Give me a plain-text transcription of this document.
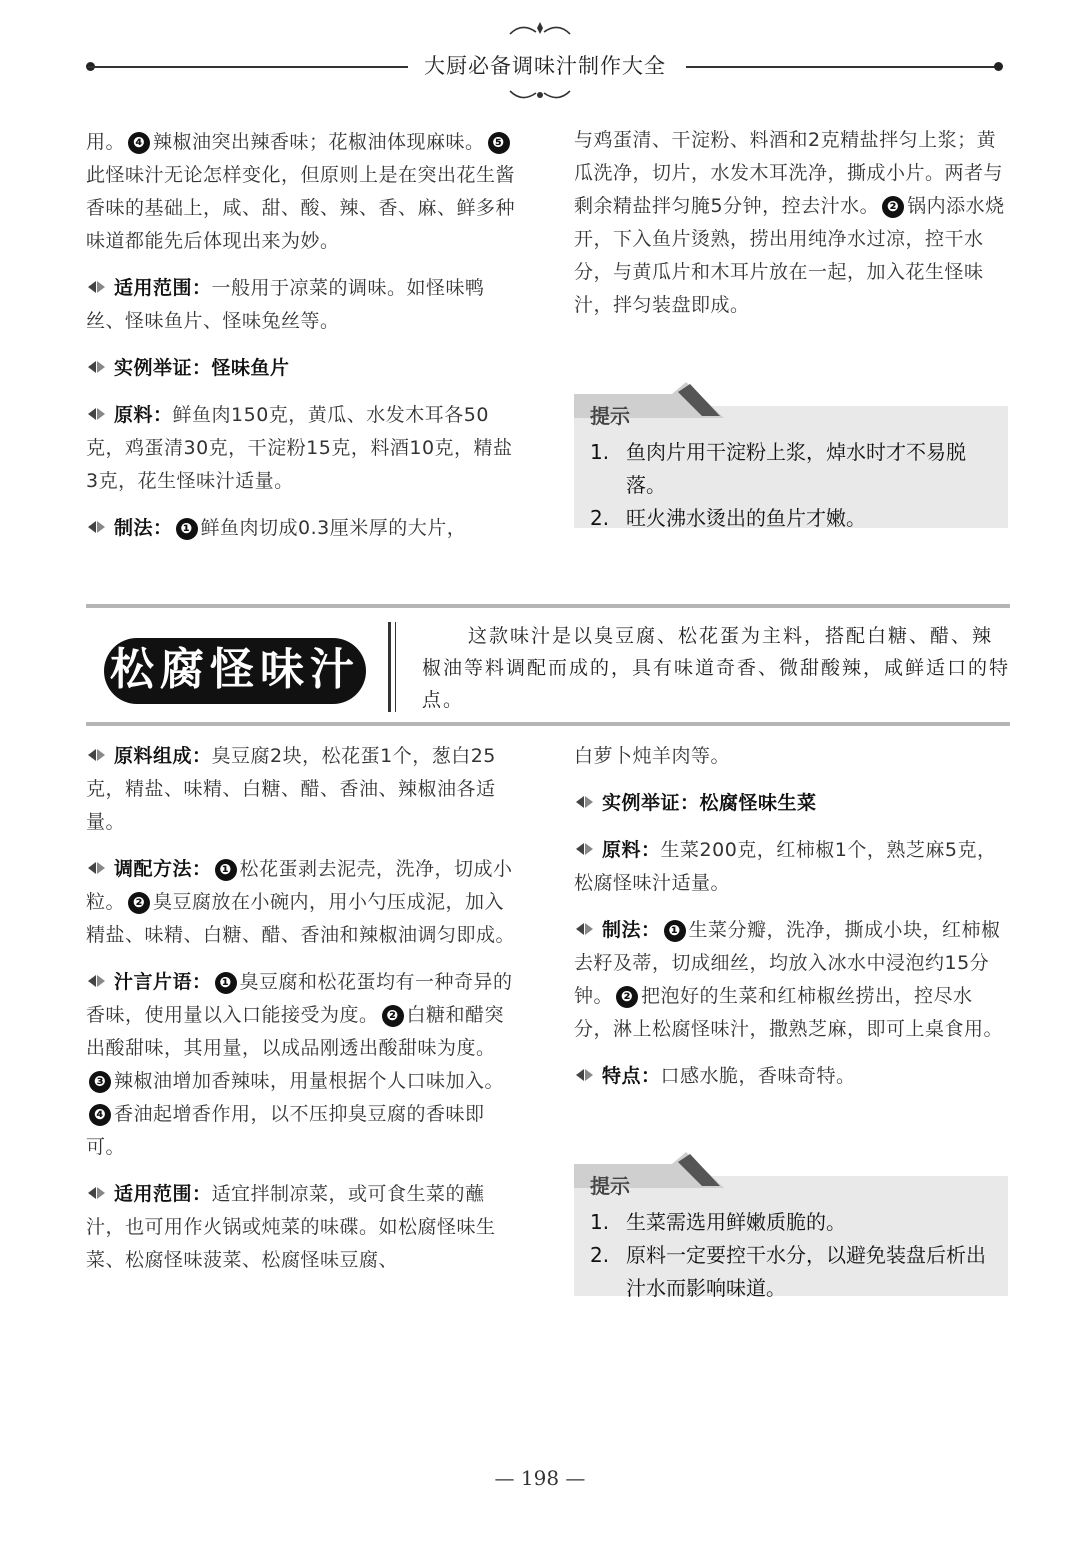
大厨必备调味汁制作大全

用。 ❹ 辣椒油突出辣香味；花椒油体现麻味。 ❺此怪味汁无论怎样变化，但原则上是在突出花生酱香味的基础上，咸、甜、酸、辣、香、麻、鲜多种味道都能先后体现出来为妙。

适用范围：一般用于凉菜的调味。如怪味鸭丝、怪味鱼片、怪味兔丝等。

实例举证：怪味鱼片

原料：鲜鱼肉150克，黄瓜、水发木耳各50克，鸡蛋清30克，干淀粉15克，料酒10克，精盐3克，花生怪味汁适量。

制法： ❶ 鲜鱼肉切成0.3厘米厚的大片，

与鸡蛋清、干淀粉、料酒和2克精盐拌匀上浆；黄瓜洗净，切片，水发木耳洗净，撕成小片。两者与剩余精盐拌匀腌5分钟，控去汁水。 ❷ 锅内添水烧开，下入鱼片烫熟，捞出用纯净水过凉，控干水分，与黄瓜片和木耳片放在一起，加入花生怪味汁，拌匀装盘即成。

提示
1. 鱼肉片用干淀粉上浆，焯水时才不易脱落。
2. 旺火沸水烫出的鱼片才嫩。
松腐怪味汁
这款味汁是以臭豆腐、松花蛋为主料，搭配白糖、醋、辣椒油等料调配而成的，具有味道奇香、微甜酸辣，咸鲜适口的特点。

原料组成：臭豆腐2块，松花蛋1个，葱白25克，精盐、味精、白糖、醋、香油、辣椒油各适量。

调配方法： ❶ 松花蛋剥去泥壳，洗净，切成小粒。 ❷ 臭豆腐放在小碗内，用小勺压成泥，加入精盐、味精、白糖、醋、香油和辣椒油调匀即成。

汁言片语： ❶ 臭豆腐和松花蛋均有一种奇异的香味，使用量以入口能接受为度。 ❷ 白糖和醋突出酸甜味，其用量，以成品刚透出酸甜味为度。❸ 辣椒油增加香辣味，用量根据个人口味加入。❹ 香油起增香作用，以不压抑臭豆腐的香味即可。

适用范围：适宜拌制凉菜，或可食生菜的蘸汁，也可用作火锅或炖菜的味碟。如松腐怪味生菜、松腐怪味菠菜、松腐怪味豆腐、

白萝卜炖羊肉等。

实例举证：松腐怪味生菜

原料：生菜200克，红柿椒1个，熟芝麻5克，松腐怪味汁适量。

制法： ❶ 生菜分瓣，洗净，撕成小块，红柿椒去籽及蒂，切成细丝，均放入冰水中浸泡约15分钟。 ❷ 把泡好的生菜和红柿椒丝捞出，控尽水分，淋上松腐怪味汁，撒熟芝麻，即可上桌食用。

特点：口感水脆，香味奇特。

提示
1. 生菜需选用鲜嫩质脆的。
2. 原料一定要控干水分，以避免装盘后析出汁水而影响味道。
— 198 —
